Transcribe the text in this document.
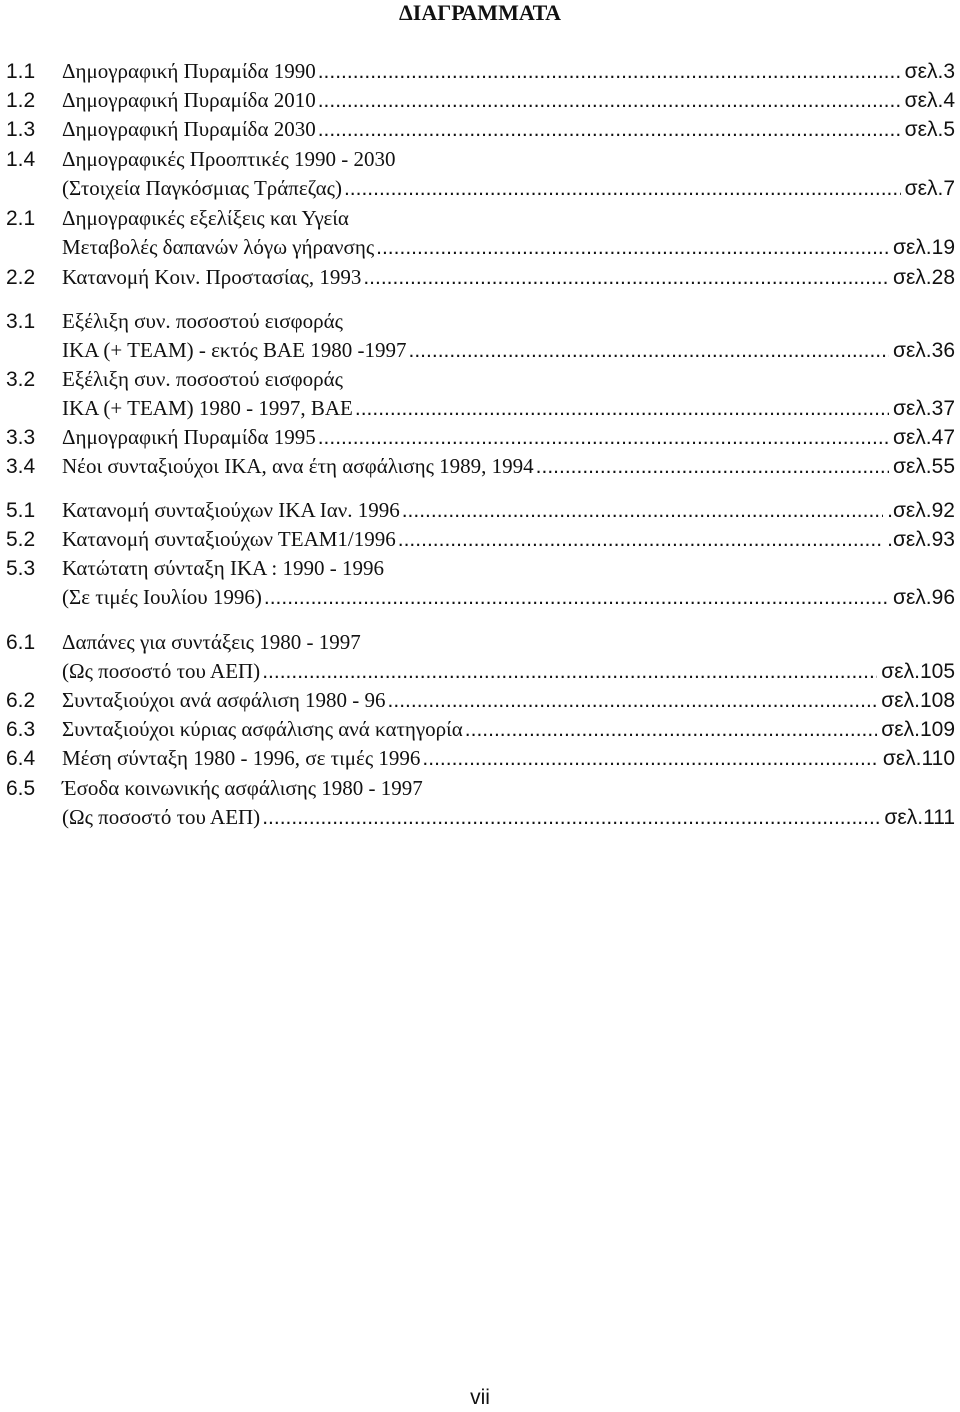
ΔΙΑΓΡΑΜΜΑΤΑ
1.1	Δημογραφική Πυραμίδα 1990 .....	σελ.3
1.2	Δημογραφική Πυραμίδα 2010 .....	σελ.4
1.3	Δημογραφική Πυραμίδα 2030 .....	σελ.5
1.4	Δημογραφικές Προοπτικές 1990 - 2030
(Στοιχεία Παγκόσμιας Τράπεζας) .....	σελ.7
2.1	Δημογραφικές εξελίξεις και Υγεία
Μεταβολές δαπανών λόγω γήρανσης .....	σελ.19
2.2	Κατανομή Κοιν. Προστασίας, 1993 .....	σελ.28
3.1	Εξέλιξη συν. ποσοστού εισφοράς
ΙΚΑ (+ ΤΕΑΜ) - εκτός ΒΑΕ 1980 -1997 .....	σελ.36
3.2	Εξέλιξη συν. ποσοστού εισφοράς
ΙΚΑ (+ ΤΕΑΜ) 1980 - 1997, ΒΑΕ .....	σελ.37
3.3	Δημογραφική Πυραμίδα 1995 .....	σελ.47
3.4	Νέοι συνταξιούχοι ΙΚΑ, ανα έτη ασφάλισης 1989, 1994 .....	σελ.55
5.1	Κατανομή συνταξιούχων ΙΚΑ Ιαν. 1996 .....	.σελ.92
5.2	Κατανομή συνταξιούχων ΤΕΑΜ1/1996 .....	.σελ.93
5.3	Κατώτατη σύνταξη ΙΚΑ : 1990 - 1996
(Σε τιμές Ιουλίου 1996) .....	σελ.96
6.1	Δαπάνες για συντάξεις 1980 - 1997
(Ως ποσοστό του ΑΕΠ) .....	σελ.105
6.2	Συνταξιούχοι ανά ασφάλιση 1980 - 96 .....	σελ.108
6.3	Συνταξιούχοι κύριας ασφάλισης ανά κατηγορία .....	σελ.109
6.4	Μέση σύνταξη 1980 - 1996, σε τιμές 1996 .....	σελ.110
6.5	Έσοδα κοινωνικής ασφάλισης 1980 - 1997
(Ως ποσοστό του ΑΕΠ) .....	σελ.111
vii
